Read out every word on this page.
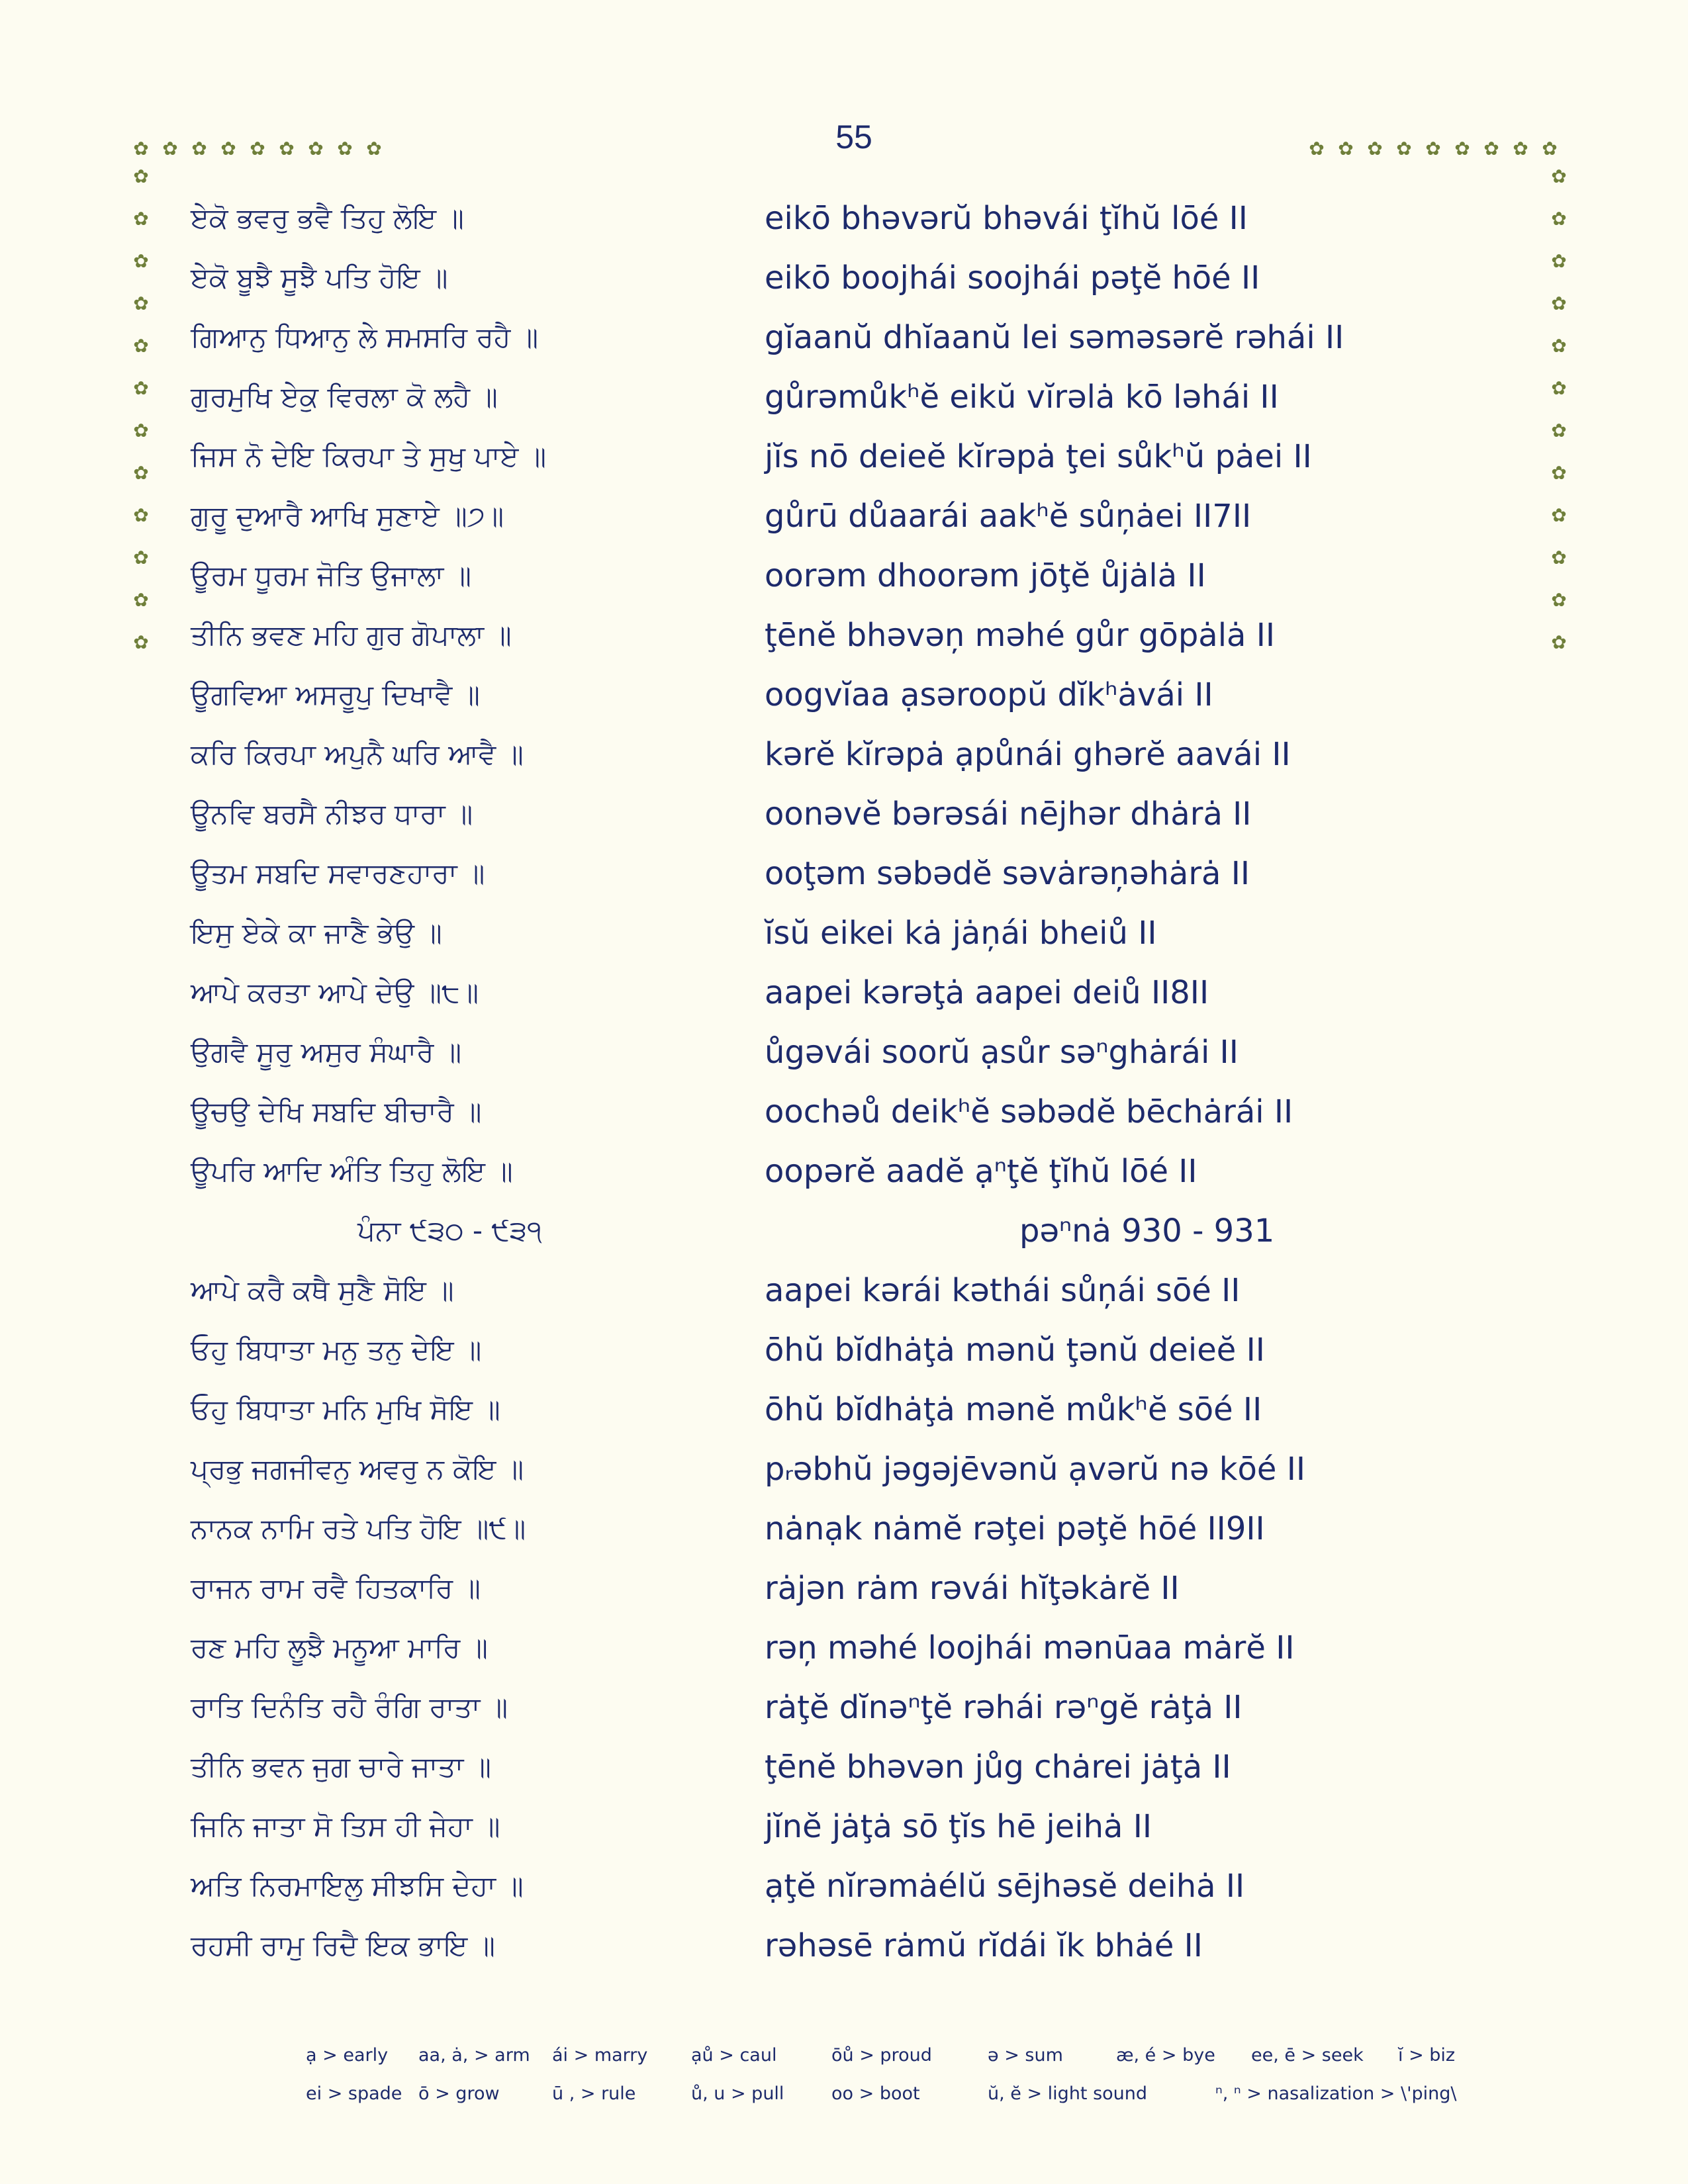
55
✿ ✿ ✿ ✿ ✿ ✿ ✿ ✿ ✿	✿ ✿ ✿ ✿ ✿ ✿ ✿ ✿ ✿
✿
✿
✿
✿
✿
✿
✿
✿
✿
✿
✿
✿
✿
✿
✿
✿
✿
✿
✿
✿
✿
✿
✿
✿
ਏਕੋ ਭਵਰੁ ਭਵੈ ਤਿਹੁ ਲੋਇ ॥	eikō bhəvərŭ bhəvái ţĭhŭ lōé II
ਏਕੋ ਬੂਝੈ ਸੂਝੈ ਪਤਿ ਹੋਇ ॥	eikō boojhái soojhái pəţĕ hōé II
ਗਿਆਨੁ ਧਿਆਨੁ ਲੇ ਸਮਸਰਿ ਰਹੈ ॥	gĭaanŭ dhĭaanŭ lei səməsərĕ rəhái II
ਗੁਰਮੁਖਿ ਏਕੁ ਵਿਰਲਾ ਕੋ ਲਹੈ ॥	gůrəmůkʰĕ eikŭ vĭrəlȧ kō ləhái II
ਜਿਸ ਨੋ ਦੇਇ ਕਿਰਪਾ ਤੇ ਸੁਖੁ ਪਾਏ ॥	jĭs nō deieĕ kĭrəpȧ ţei sůkʰŭ pȧei II
ਗੁਰੂ ਦੁਆਰੈ ਆਖਿ ਸੁਣਾਏ ॥੭॥	gůrū důaarái aakʰĕ sůņȧei II7II
ਊਰਮ ਧੂਰਮ ਜੋਤਿ ਉਜਾਲਾ ॥	oorəm dhoorəm jōţĕ ůjȧlȧ II
ਤੀਨਿ ਭਵਣ ਮਹਿ ਗੁਰ ਗੋਪਾਲਾ ॥	ţēnĕ bhəvəņ məhé gůr gōpȧlȧ II
ਊਗਵਿਆ ਅਸਰੂਪੁ ਦਿਖਾਵੈ ॥	oogvĭaa ạsəroopŭ dĭkʰȧvái II
ਕਰਿ ਕਿਰਪਾ ਅਪੁਨੈ ਘਰਿ ਆਵੈ ॥	kərĕ kĭrəpȧ ạpůnái ghərĕ aavái II
ਊਨਵਿ ਬਰਸੈ ਨੀਝਰ ਧਾਰਾ ॥	oonəvĕ bərəsái nējhər dhȧrȧ II
ਊਤਮ ਸਬਦਿ ਸਵਾਰਣਹਾਰਾ ॥	ooţəm səbədĕ səvȧrəņəhȧrȧ II
ਇਸੁ ਏਕੇ ਕਾ ਜਾਣੈ ਭੇਉ ॥	ĭsŭ eikei kȧ jȧņái bheiů II
ਆਪੇ ਕਰਤਾ ਆਪੇ ਦੇਉ ॥੮॥	aapei kərəţȧ aapei deiů II8II
ਉਗਵੈ ਸੂਰੁ ਅਸੁਰ ਸੰਘਾਰੈ ॥	ůgəvái soorŭ ạsůr səⁿghȧrái II
ਊਚਉ ਦੇਖਿ ਸਬਦਿ ਬੀਚਾਰੈ ॥	oochəů deikʰĕ səbədĕ bēchȧrái II
ਊਪਰਿ ਆਦਿ ਅੰਤਿ ਤਿਹੁ ਲੋਇ ॥	oopərĕ aadĕ ạⁿţĕ ţĭhŭ lōé II
ਪੰਨਾ ੯੩੦ - ੯੩੧	pəⁿnȧ 930 - 931
ਆਪੇ ਕਰੈ ਕਥੈ ਸੁਣੈ ਸੋਇ ॥	aapei kərái kəthái sůņái sōé II
ਓਹੁ ਬਿਧਾਤਾ ਮਨੁ ਤਨੁ ਦੇਇ ॥	ōhŭ bĭdhȧţȧ mənŭ ţənŭ deieĕ II
ਓਹੁ ਬਿਧਾਤਾ ਮਨਿ ਮੁਖਿ ਸੋਇ ॥	ōhŭ bĭdhȧţȧ mənĕ můkʰĕ sōé II
ਪ੍ਰਭੁ ਜਗਜੀਵਨੁ ਅਵਰੁ ਨ ਕੋਇ ॥	pᵣəbhŭ jəgəjēvənŭ ạvərŭ nə kōé II
ਨਾਨਕ ਨਾਮਿ ਰਤੇ ਪਤਿ ਹੋਇ ॥੯॥	nȧnạk nȧmĕ rəţei pəţĕ hōé II9II
ਰਾਜਨ ਰਾਮ ਰਵੈ ਹਿਤਕਾਰਿ ॥	rȧjən rȧm rəvái hĭţəkȧrĕ II
ਰਣ ਮਹਿ ਲੂਝੈ ਮਨੂਆ ਮਾਰਿ ॥	rəņ məhé loojhái mənūaa mȧrĕ II
ਰਾਤਿ ਦਿਨੰਤਿ ਰਹੈ ਰੰਗਿ ਰਾਤਾ ॥	rȧţĕ dĭnəⁿţĕ rəhái rəⁿgĕ rȧţȧ II
ਤੀਨਿ ਭਵਨ ਜੁਗ ਚਾਰੇ ਜਾਤਾ ॥	ţēnĕ bhəvən jůg chȧrei jȧţȧ II
ਜਿਨਿ ਜਾਤਾ ਸੋ ਤਿਸ ਹੀ ਜੇਹਾ ॥	jĭnĕ jȧţȧ sō ţĭs hē jeihȧ II
ਅਤਿ ਨਿਰਮਾਇਲੁ ਸੀਝਸਿ ਦੇਹਾ ॥	ạţĕ nĭrəmȧélŭ sējhəsĕ deihȧ II
ਰਹਸੀ ਰਾਮੁ ਰਿਦੈ ਇਕ ਭਾਇ ॥	rəhəsē rȧmŭ rĭdái ĭk bhȧé II
ạ > early aa, ȧ, > arm ái > marry ạů > caul	ōů > proud	ə > sum	æ, é > bye ee, ē > seek ĭ > biz
ei > spade ō > grow	ū , > rule	ů, u > pull	oo > boot	ŭ, ĕ > light sound	ⁿ, ⁿ > nasalization > \'ping\
